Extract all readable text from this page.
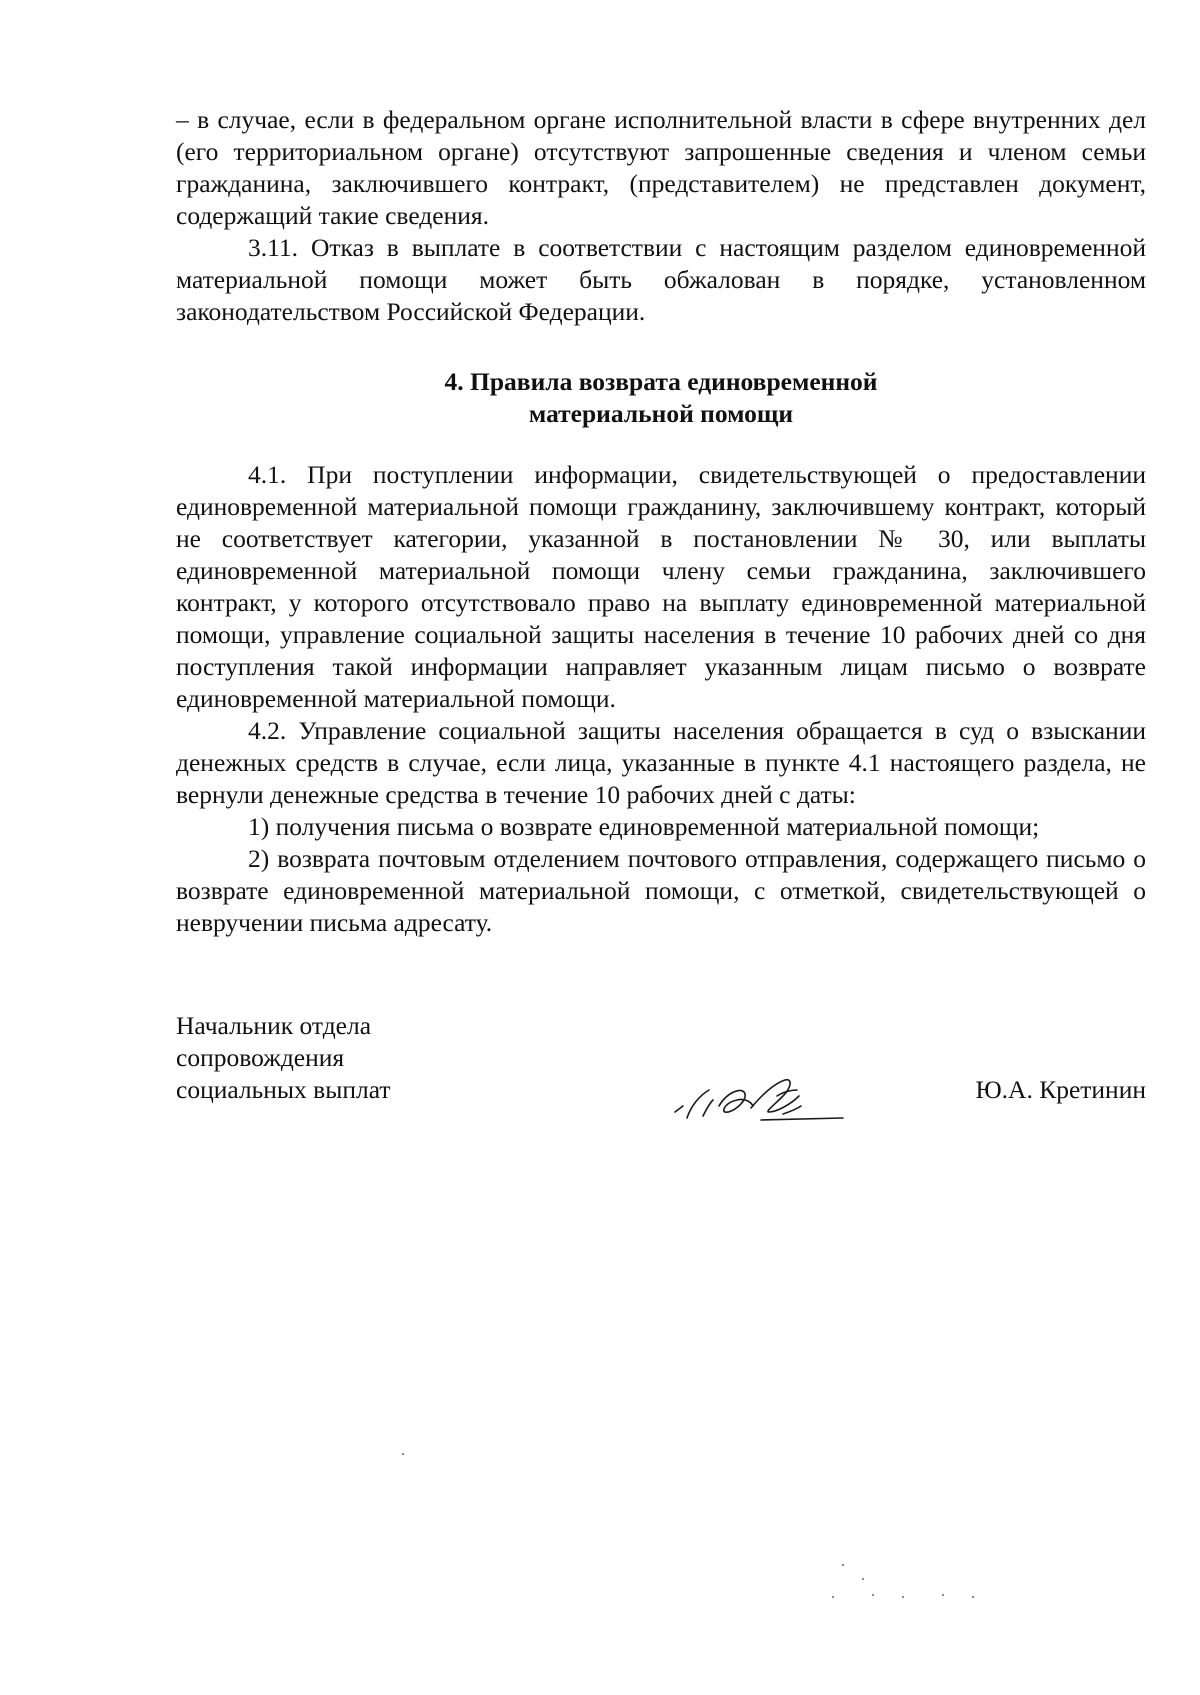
– в случае, если в федеральном органе исполнительной власти в сфере внутренних дел (его территориальном органе) отсутствуют запрошенные сведения и членом семьи гражданина, заключившего контракт, (представителем) не представлен документ, содержащий такие сведения.

3.11. Отказ в выплате в соответствии с настоящим разделом единовременной материальной помощи может быть обжалован в порядке, установленном законодательством Российской Федерации.

4. Правила возврата единовременной
материальной помощи

4.1. При поступлении информации, свидетельствующей о предоставлении единовременной материальной помощи гражданину, заключившему контракт, который не соответствует категории, указанной в постановлении № 30, или выплаты единовременной материальной помощи члену семьи гражданина, заключившего контракт, у которого отсутствовало право на выплату единовременной материальной помощи, управление социальной защиты населения в течение 10 рабочих дней со дня поступления такой информации направляет указанным лицам письмо о возврате единовременной материальной помощи.

4.2. Управление социальной защиты населения обращается в суд о взыскании денежных средств в случае, если лица, указанные в пункте 4.1 настоящего раздела, не вернули денежные средства в течение 10 рабочих дней с даты:

1) получения письма о возврате единовременной материальной помощи;

2) возврата почтовым отделением почтового отправления, содержащего письмо о возврате единовременной материальной помощи, с отметкой, свидетельствующей о невручении письма адресату.

Начальник отдела
сопровождения
социальных выплат	Ю.А. Кретинин
